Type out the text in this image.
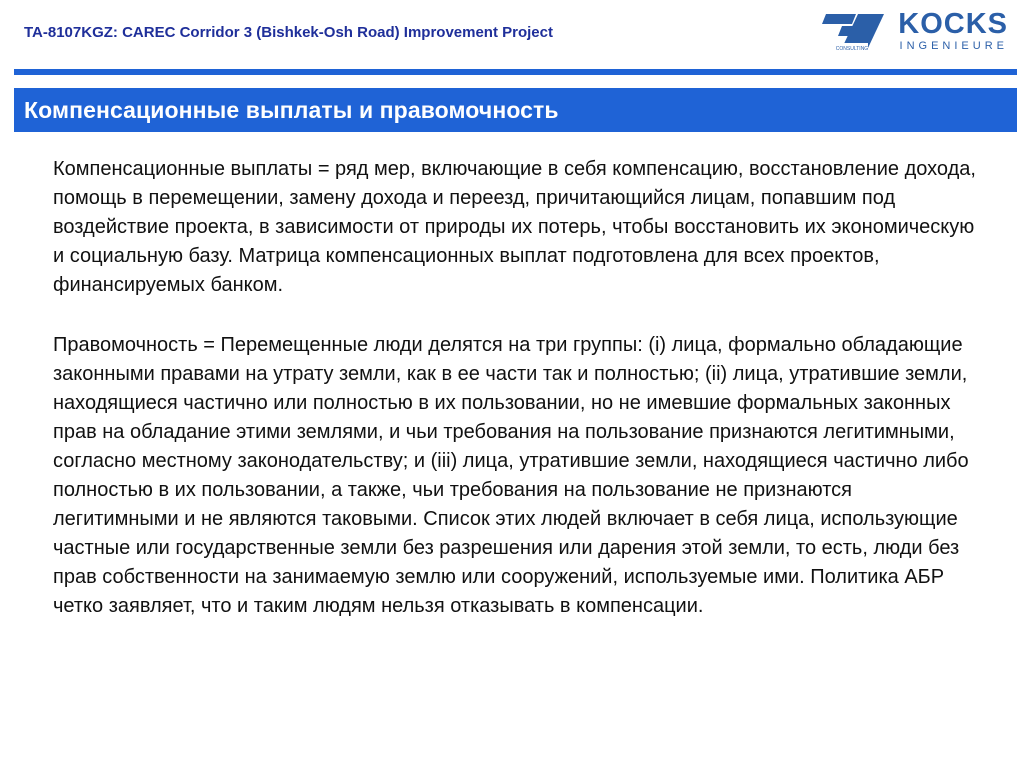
TA-8107KGZ: CAREC Corridor 3 (Bishkek-Osh Road) Improvement Project
CONSULTING
KOCKS
INGENIEURE
Компенсационные выплаты и правомочность

Компенсационные выплаты = ряд мер, включающие в себя компенсацию, восстановление дохода, помощь в перемещении, замену дохода и переезд, причитающийся лицам, попавшим под воздействие проекта, в зависимости от природы их потерь, чтобы восстановить их экономическую и социальную базу. Матрица компенсационных выплат подготовлена для всех проектов, финансируемых банком.

Правомочность = Перемещенные люди делятся на три группы: (i) лица, формально обладающие законными правами на утрату земли, как в ее части так и полностью; (ii) лица, утратившие земли, находящиеся частично или полностью в их пользовании, но не имевшие формальных законных прав на обладание этими землями, и чьи требования на пользование признаются легитимными, согласно местному законодательству; и (iii) лица, утратившие земли, находящиеся частично либо полностью в их пользовании, а также, чьи требования на пользование не признаются легитимными и не являются таковыми. Список этих людей включает в себя лица, использующие частные или государственные земли без разрешения или дарения этой земли, то есть, люди без прав собственности на занимаемую землю или сооружений, используемые ими. Политика АБР четко заявляет, что и таким людям нельзя отказывать в компенсации.
